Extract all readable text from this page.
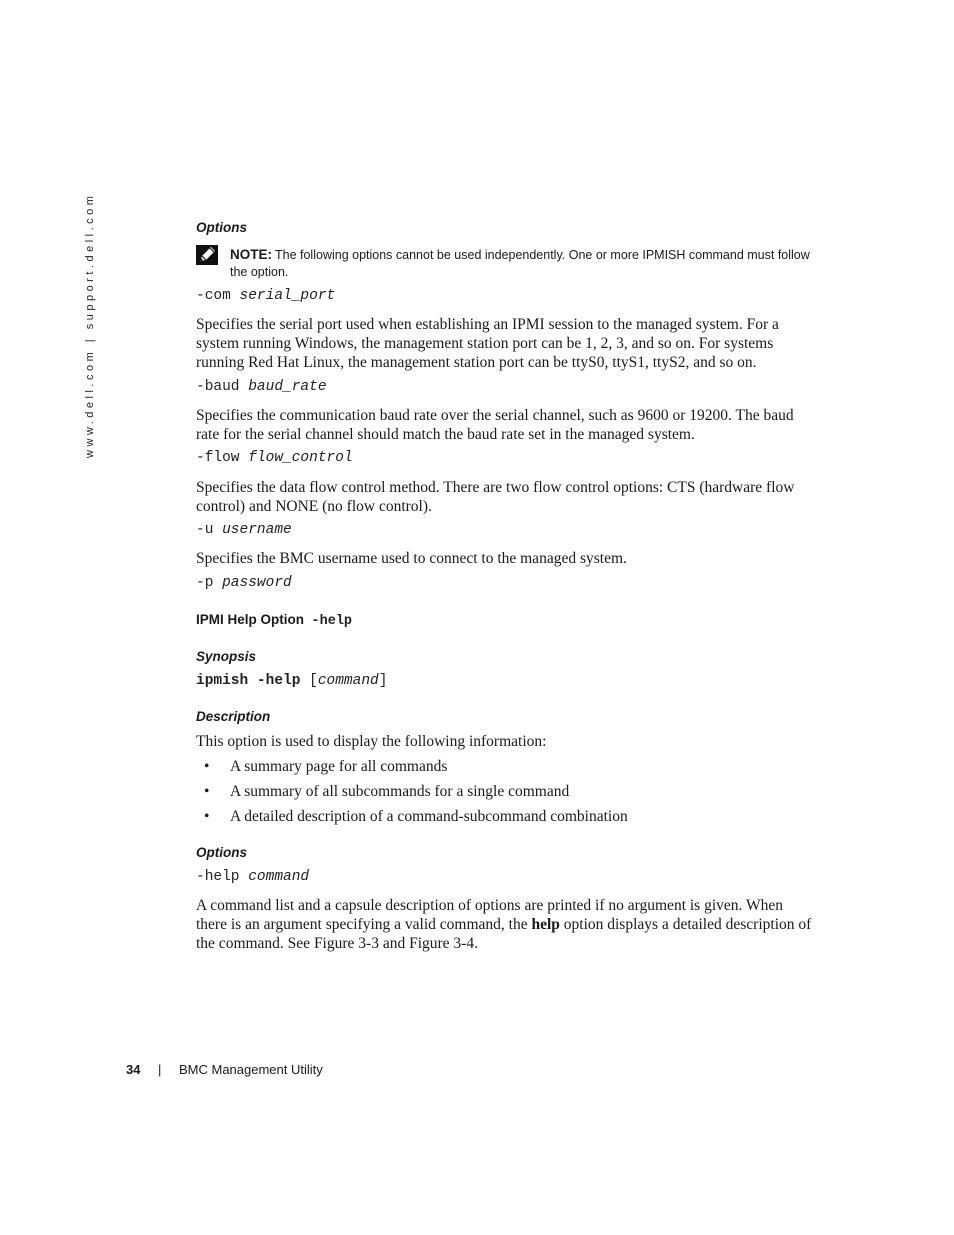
www.dell.com | support.dell.com	Options
NOTE: The following options cannot be used independently. One or more IPMISH command must follow the option.
-com serial_port
Specifies the serial port used when establishing an IPMI session to the managed system. For a system running Windows, the management station port can be 1, 2, 3, and so on. For systems running Red Hat Linux, the management station port can be ttyS0, ttyS1, ttyS2, and so on.
-baud baud_rate
Specifies the communication baud rate over the serial channel, such as 9600 or 19200. The baud rate for the serial channel should match the baud rate set in the managed system.
-flow flow_control
Specifies the data flow control method. There are two flow control options: CTS (hardware flow control) and NONE (no flow control).
-u username
Specifies the BMC username used to connect to the managed system.
-p password
IPMI Help Option -help
Synopsis
ipmish -help [command]
Description
This option is used to display the following information:
• A summary page for all commands
• A summary of all subcommands for a single command
• A detailed description of a command-subcommand combination
Options
-help command
A command list and a capsule description of options are printed if no argument is given. When there is an argument specifying a valid command, the help option displays a detailed description of the command. See Figure 3-3 and Figure 3-4.
34 | BMC Management Utility
